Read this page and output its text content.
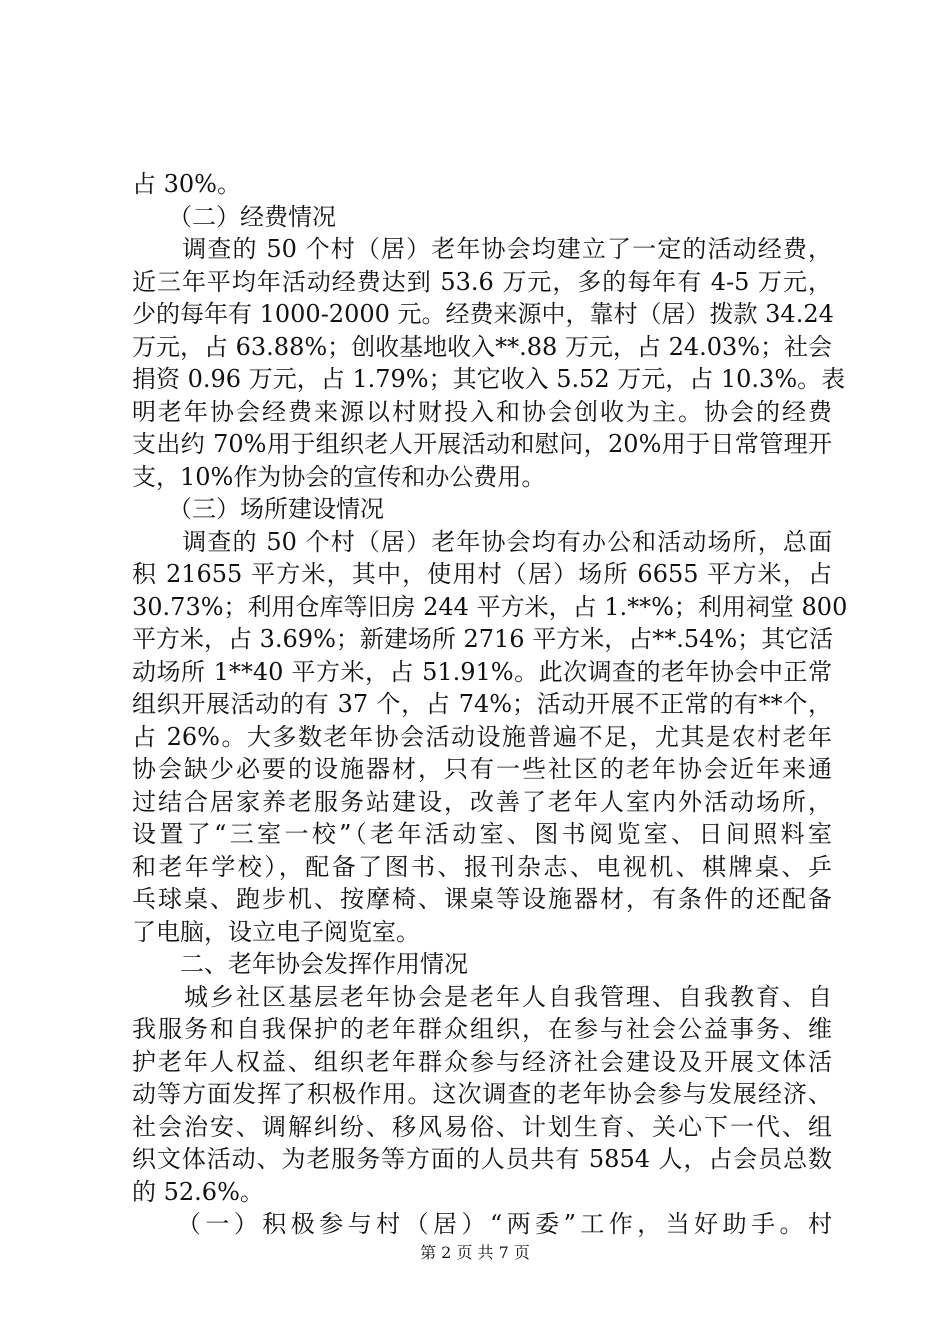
占 30%。
　　（二）经费情况
　　调查的 50 个村（居）老年协会均建立了一定的活动经费，
近三年平均年活动经费达到 53.6 万元，多的每年有 4-5 万元，
少的每年有 1000-2000 元。经费来源中，靠村（居）拨款 34.24
万元，占 63.88%；创收基地收入**.88 万元，占 24.03%；社会
捐资 0.96 万元，占 1.79%；其它收入 5.52 万元，占 10.3%。表
明老年协会经费来源以村财投入和协会创收为主。协会的经费
支出约 70%用于组织老人开展活动和慰问，20%用于日常管理开
支，10%作为协会的宣传和办公费用。
　　（三）场所建设情况
　　调查的 50 个村（居）老年协会均有办公和活动场所，总面
积 21655 平方米，其中，使用村（居）场所 6655 平方米，占
30.73%；利用仓库等旧房 244 平方米，占 1.**%；利用祠堂 800
平方米，占 3.69%；新建场所 2716 平方米，占**.54%；其它活
动场所 1**40 平方米，占 51.91%。此次调查的老年协会中正常
组织开展活动的有 37 个，占 74%；活动开展不正常的有**个，
占 26%。大多数老年协会活动设施普遍不足，尤其是农村老年
协会缺少必要的设施器材，只有一些社区的老年协会近年来通
过结合居家养老服务站建设，改善了老年人室内外活动场所，
设置了“三室一校”（老年活动室、图书阅览室、日间照料室
和老年学校），配备了图书、报刊杂志、电视机、棋牌桌、乒
乓球桌、跑步机、按摩椅、课桌等设施器材，有条件的还配备
了电脑，设立电子阅览室。
　　二、老年协会发挥作用情况
　　城乡社区基层老年协会是老年人自我管理、自我教育、自
我服务和自我保护的老年群众组织，在参与社会公益事务、维
护老年人权益、组织老年群众参与经济社会建设及开展文体活
动等方面发挥了积极作用。这次调查的老年协会参与发展经济、
社会治安、调解纠纷、移风易俗、计划生育、关心下一代、组
织文体活动、为老服务等方面的人员共有 5854 人，占会员总数
的 52.6%。
　　（一）积极参与村（居）“两委”工作，当好助手。村
第 2 页 共 7 页
